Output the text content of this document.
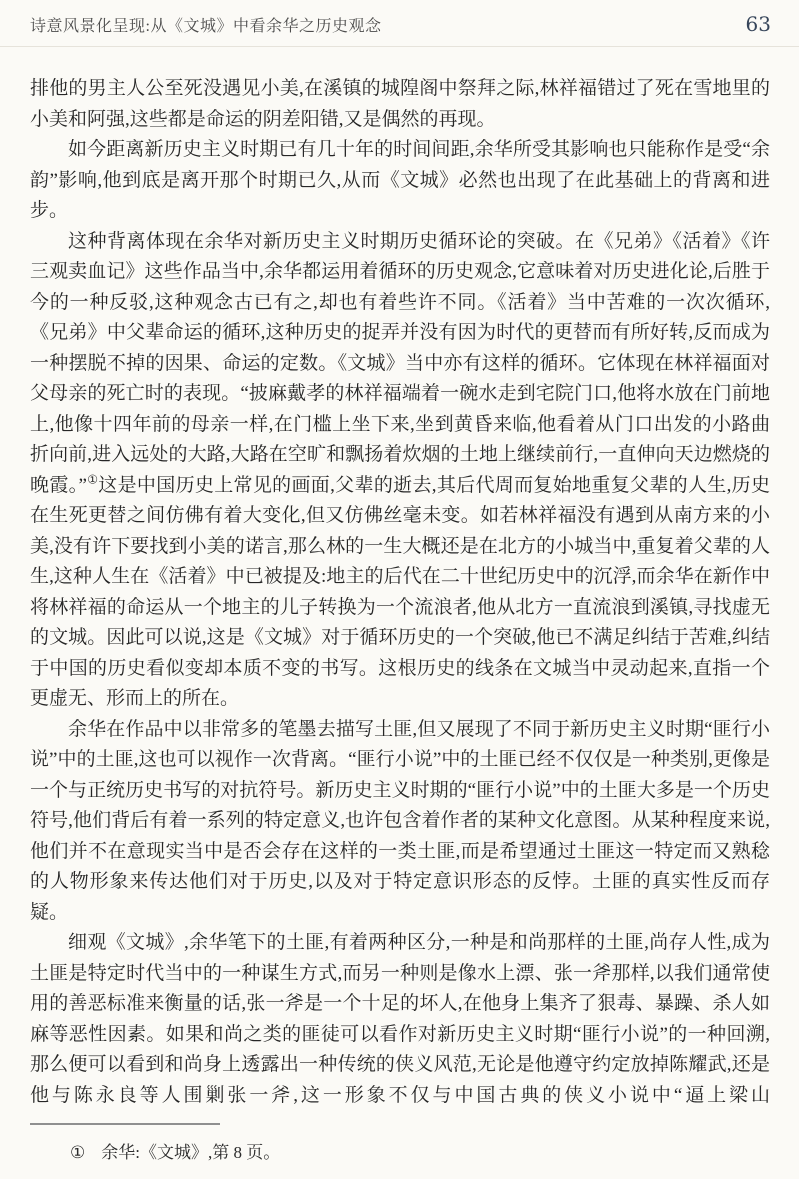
诗意风景化呈现:从《文城》中看余华之历史观念	63

排他的男主人公至死没遇见小美,在溪镇的城隍阁中祭拜之际,林祥福错过了死在雪地里的小美和阿强,这些都是命运的阴差阳错,又是偶然的再现。

如今距离新历史主义时期已有几十年的时间间距,余华所受其影响也只能称作是受“余韵”影响,他到底是离开那个时期已久,从而《文城》必然也出现了在此基础上的背离和进步。

这种背离体现在余华对新历史主义时期历史循环论的突破。在《兄弟》《活着》《许三观卖血记》这些作品当中,余华都运用着循环的历史观念,它意味着对历史进化论,后胜于今的一种反驳,这种观念古已有之,却也有着些许不同。《活着》当中苦难的一次次循环,《兄弟》中父辈命运的循环,这种历史的捉弄并没有因为时代的更替而有所好转,反而成为一种摆脱不掉的因果、命运的定数。《文城》当中亦有这样的循环。它体现在林祥福面对父母亲的死亡时的表现。“披麻戴孝的林祥福端着一碗水走到宅院门口,他将水放在门前地上,他像十四年前的母亲一样,在门槛上坐下来,坐到黄昏来临,他看着从门口出发的小路曲折向前,进入远处的大路,大路在空旷和飘扬着炊烟的土地上继续前行,一直伸向天边燃烧的晚霞。”①这是中国历史上常见的画面,父辈的逝去,其后代周而复始地重复父辈的人生,历史在生死更替之间仿佛有着大变化,但又仿佛丝毫未变。如若林祥福没有遇到从南方来的小美,没有许下要找到小美的诺言,那么林的一生大概还是在北方的小城当中,重复着父辈的人生,这种人生在《活着》中已被提及:地主的后代在二十世纪历史中的沉浮,而余华在新作中将林祥福的命运从一个地主的儿子转换为一个流浪者,他从北方一直流浪到溪镇,寻找虚无的文城。因此可以说,这是《文城》对于循环历史的一个突破,他已不满足纠结于苦难,纠结于中国的历史看似变却本质不变的书写。这根历史的线条在文城当中灵动起来,直指一个更虚无、形而上的所在。

余华在作品中以非常多的笔墨去描写土匪,但又展现了不同于新历史主义时期“匪行小说”中的土匪,这也可以视作一次背离。“匪行小说”中的土匪已经不仅仅是一种类别,更像是一个与正统历史书写的对抗符号。新历史主义时期的“匪行小说”中的土匪大多是一个历史符号,他们背后有着一系列的特定意义,也许包含着作者的某种文化意图。从某种程度来说,他们并不在意现实当中是否会存在这样的一类土匪,而是希望通过土匪这一特定而又熟稔的人物形象来传达他们对于历史,以及对于特定意识形态的反悖。土匪的真实性反而存疑。

细观《文城》,余华笔下的土匪,有着两种区分,一种是和尚那样的土匪,尚存人性,成为土匪是特定时代当中的一种谋生方式,而另一种则是像水上漂、张一斧那样,以我们通常使用的善恶标准来衡量的话,张一斧是一个十足的坏人,在他身上集齐了狠毒、暴躁、杀人如麻等恶性因素。如果和尚之类的匪徒可以看作对新历史主义时期“匪行小说”的一种回溯,那么便可以看到和尚身上透露出一种传统的侠义风范,无论是他遵守约定放掉陈耀武,还是他与陈永良等人围剿张一斧,这一形象不仅与中国古典的侠义小说中“逼上梁山

① 余华:《文城》,第 8 页。
